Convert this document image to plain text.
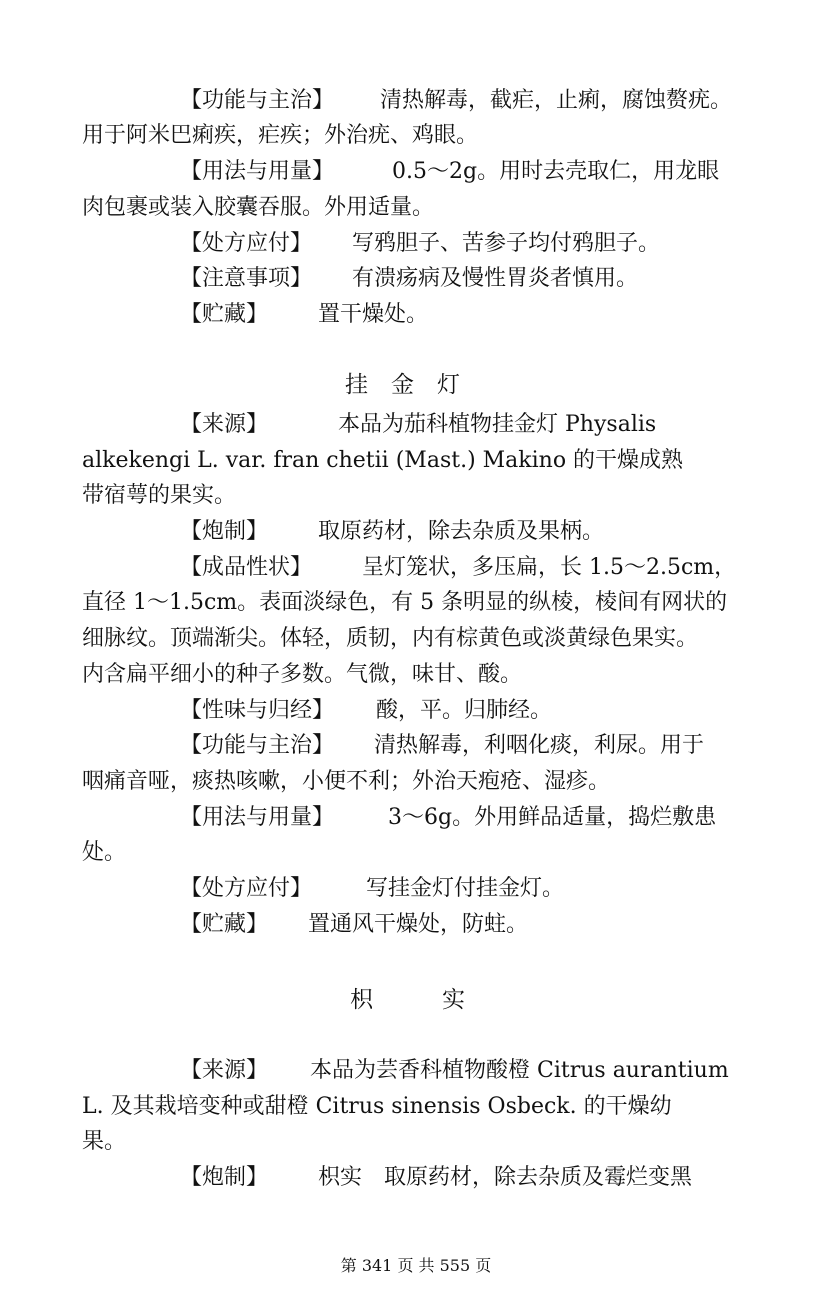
【功能与主治】 清热解毒，截疟，止痢，腐蚀赘疣。
用于阿米巴痢疾，疟疾；外治疣、鸡眼。
【用法与用量】	0.5～2g。用时去壳取仁，用龙眼
肉包裹或装入胶囊吞服。外用适量。
【处方应付】 写鸦胆子、苦参子均付鸦胆子。
【注意事项】 有溃疡病及慢性胃炎者慎用。
【贮藏】 置干燥处。
挂　金　灯
【来源】	本品为茄科植物挂金灯 Physalis
alkekengi L. var. fran chetii (Mast.) Makino 的干燥成熟
带宿萼的果实。
【炮制】 取原药材，除去杂质及果柄。
【成品性状】 呈灯笼状，多压扁，长 1.5～2.5cm，
直径 1～1.5cm。表面淡绿色，有 5 条明显的纵棱，棱间有网状的
细脉纹。顶端渐尖。体轻，质韧，内有棕黄色或淡黄绿色果实。
内含扁平细小的种子多数。气微，味甘、酸。
【性味与归经】 酸，平。归肺经。
【功能与主治】 清热解毒，利咽化痰，利尿。用于
咽痛音哑，痰热咳嗽，小便不利；外治天疱疮、湿疹。
【用法与用量】 3～6g。外用鲜品适量，捣烂敷患
处。
【处方应付】 写挂金灯付挂金灯。
【贮藏】 置通风干燥处，防蛀。
枳　　　实
【来源】 本品为芸香科植物酸橙 Citrus aurantium
L. 及其栽培变种或甜橙 Citrus sinensis Osbeck. 的干燥幼
果。
【炮制】 枳实　取原药材，除去杂质及霉烂变黑
第 341 页 共 555 页
